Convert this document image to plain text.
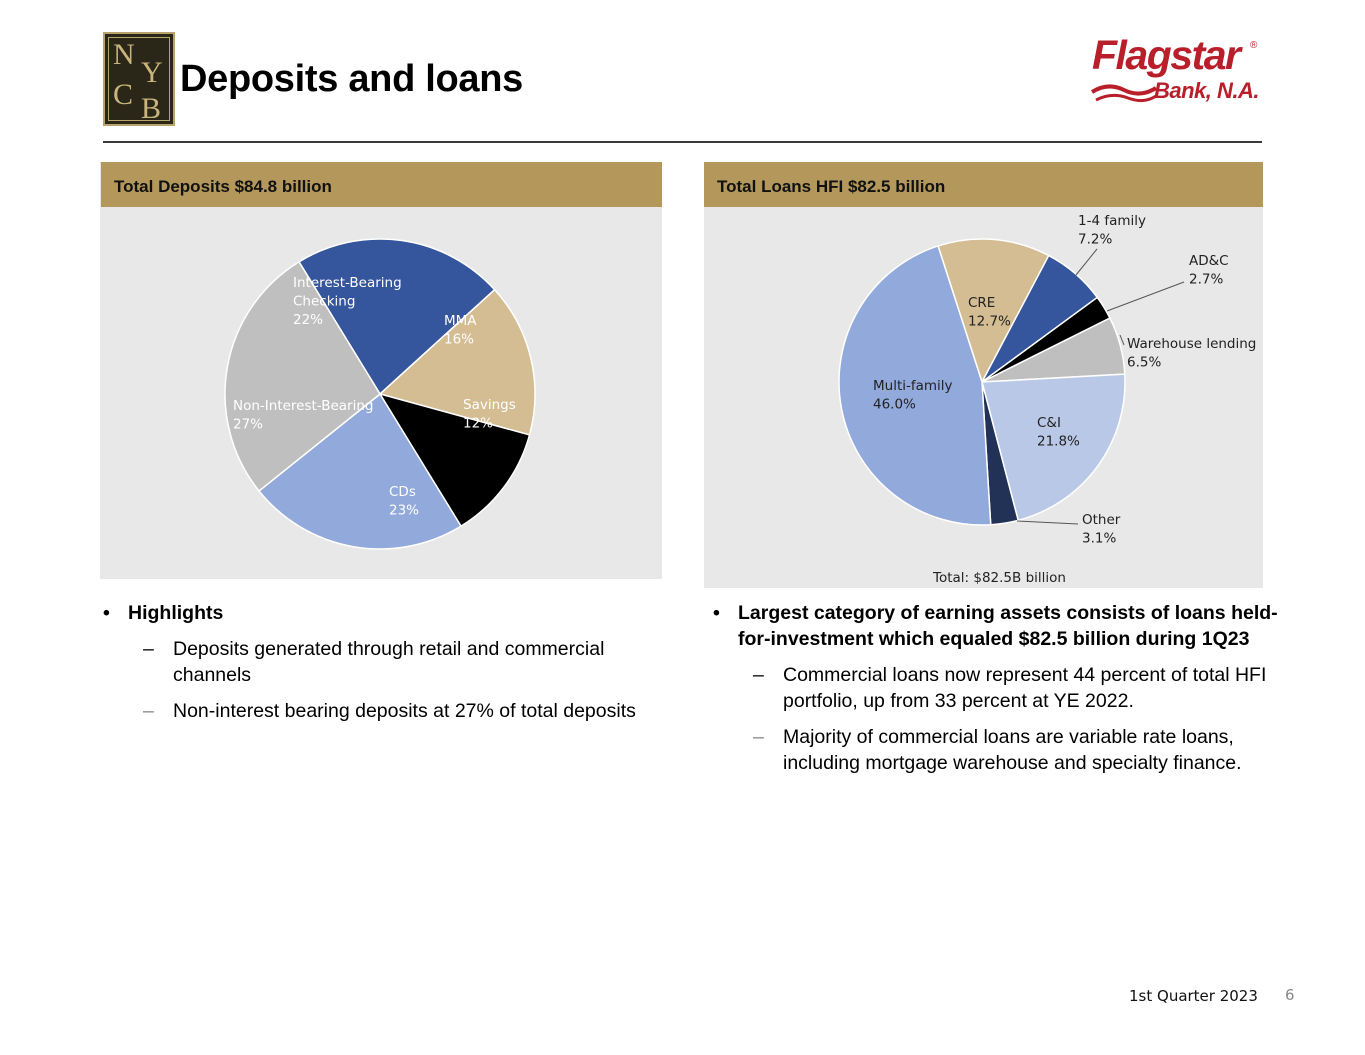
N
Y
C B
Deposits and loans
Flagstar ®
Bank, N.A.
Total Deposits $84.8 billion
Interest-Bearing Checking 22%	MMA 16%
Savings 12%
CDs 23%
Non-Interest-Bearing 27%
Total Loans HFI $82.5 billion
CRE 12.7%
1-4 family 7.2%
AD&C 2.7%
Warehouse lending 6.5%
C&I 21.8%
Other 3.1%
Multi-family 46.0%
Total: $82.5B billion
• Highlights
– Deposits generated through retail and commercial channels
– Non-interest bearing deposits at 27% of total deposits
• Largest category of earning assets consists of loans held-for-investment which equaled $82.5 billion during 1Q23
– Commercial loans now represent 44 percent of total HFI portfolio, up from 33 percent at YE 2022.
– Majority of commercial loans are variable rate loans, including mortgage warehouse and specialty finance.
1st Quarter 2023 6
